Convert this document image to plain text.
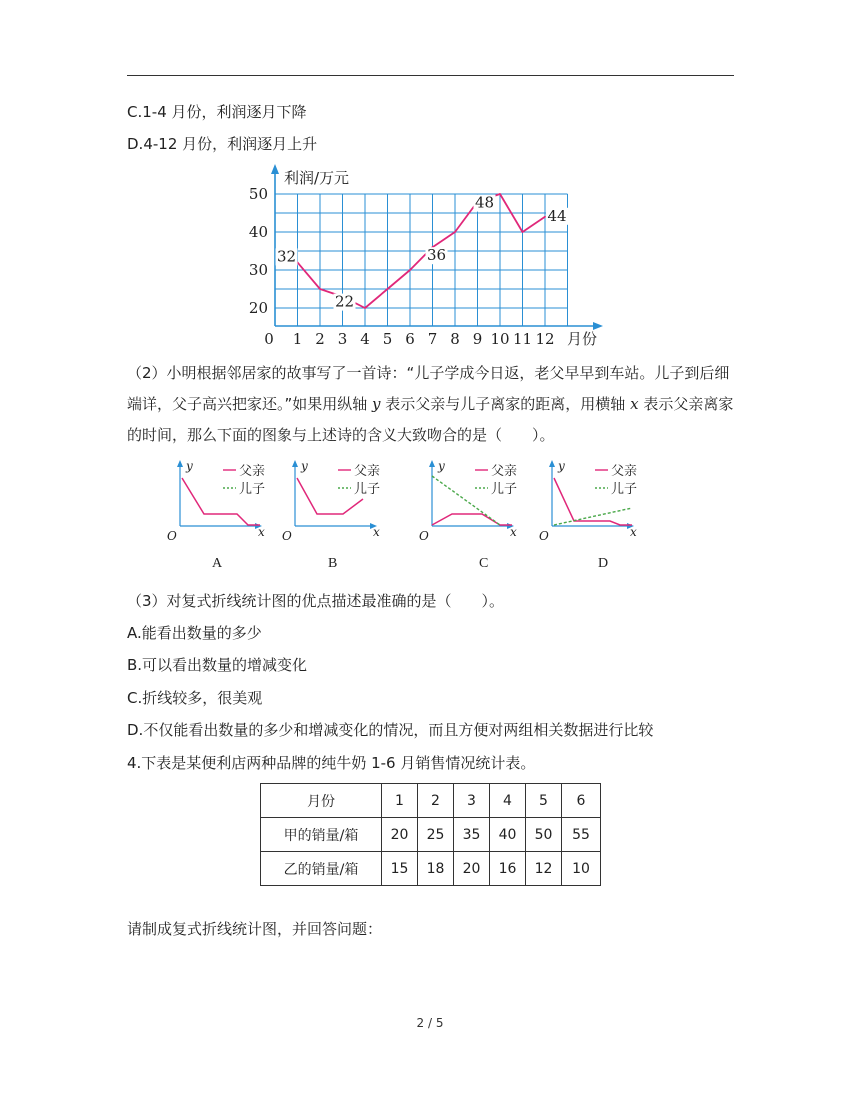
C.1-4 月份，利润逐月下降
D.4-12 月份，利润逐月上升
20
30
40
50
0 1 2 3 4 5 6 7 8 9 10 11 12
32
22
36
48
44
利润/万元
月份
（2）小明根据邻居家的故事写了一首诗：“儿子学成今日返，老父早早到车站。儿子到后细端详，父子高兴把家还。”如果用纵轴 y 表示父亲与儿子离家的距离，用横轴 x 表示父亲离家的时间，那么下面的图象与上述诗的含义大致吻合的是（　　）。
y
x
O
父亲
儿子
y
x
O
父亲
儿子
y
x
O
父亲
儿子
y
x
O
父亲
儿子
A	B	C	D
（3）对复式折线统计图的优点描述最准确的是（　　）。
A.能看出数量的多少
B.可以看出数量的增减变化
C.折线较多，很美观
D.不仅能看出数量的多少和增减变化的情况，而且方便对两组相关数据进行比较
4.下表是某便利店两种品牌的纯牛奶 1-6 月销售情况统计表。
月份	1	2	3	4	5	6
甲的销量/箱	20	25	35	40	50	55
乙的销量/箱	15	18	20	16	12	10
请制成复式折线统计图，并回答问题：
2 / 5
